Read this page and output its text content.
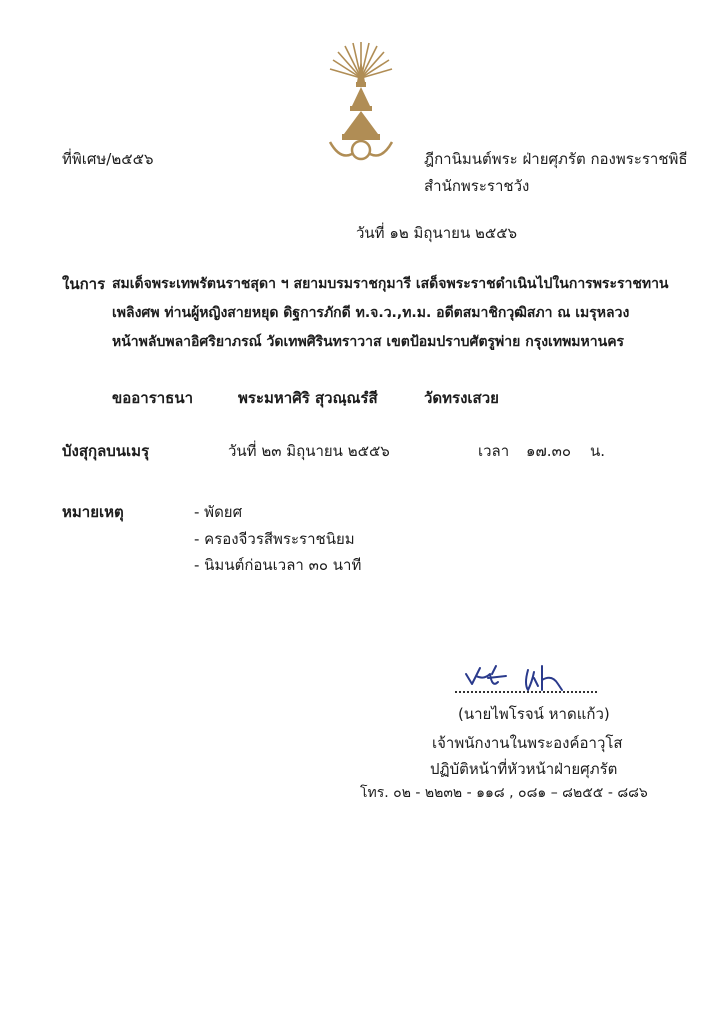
ที่พิเศษ/๒๕๕๖	ฎีกานิมนต์พระ ฝ่ายศุภรัต กองพระราชพิธี
สำนักพระราชวัง
วันที่ ๑๒ มิถุนายน ๒๕๕๖
ในการ สมเด็จพระเทพรัตนราชสุดา ฯ สยามบรมราชกุมารี เสด็จพระราชดำเนินไปในการพระราชทาน
เพลิงศพ ท่านผู้หญิงสายหยุด ดิฐการภักดี ท.จ.ว.,ท.ม. อดีตสมาชิกวุฒิสภา ณ เมรุหลวง
หน้าพลับพลาอิศริยาภรณ์ วัดเทพศิรินทราวาส เขตป้อมปราบศัตรูพ่าย กรุงเทพมหานคร
ขออาราธนา	พระมหาศิริ สุวณฺณรํสี	วัดทรงเสวย
บังสุกุลบนเมรุ	วันที่ ๒๓ มิถุนายน ๒๕๕๖	เวลา ๑๗.๓๐ น.
หมายเหตุ	- พัดยศ
- ครองจีวรสีพระราชนิยม
- นิมนต์ก่อนเวลา ๓๐ นาที
(นายไพโรจน์ หาดแก้ว)
เจ้าพนักงานในพระองค์อาวุโส
ปฏิบัติหน้าที่หัวหน้าฝ่ายศุภรัต
โทร. ๐๒ - ๒๒๓๒ - ๑๑๘ , ๐๘๑ – ๘๒๕๕ - ๘๘๖
